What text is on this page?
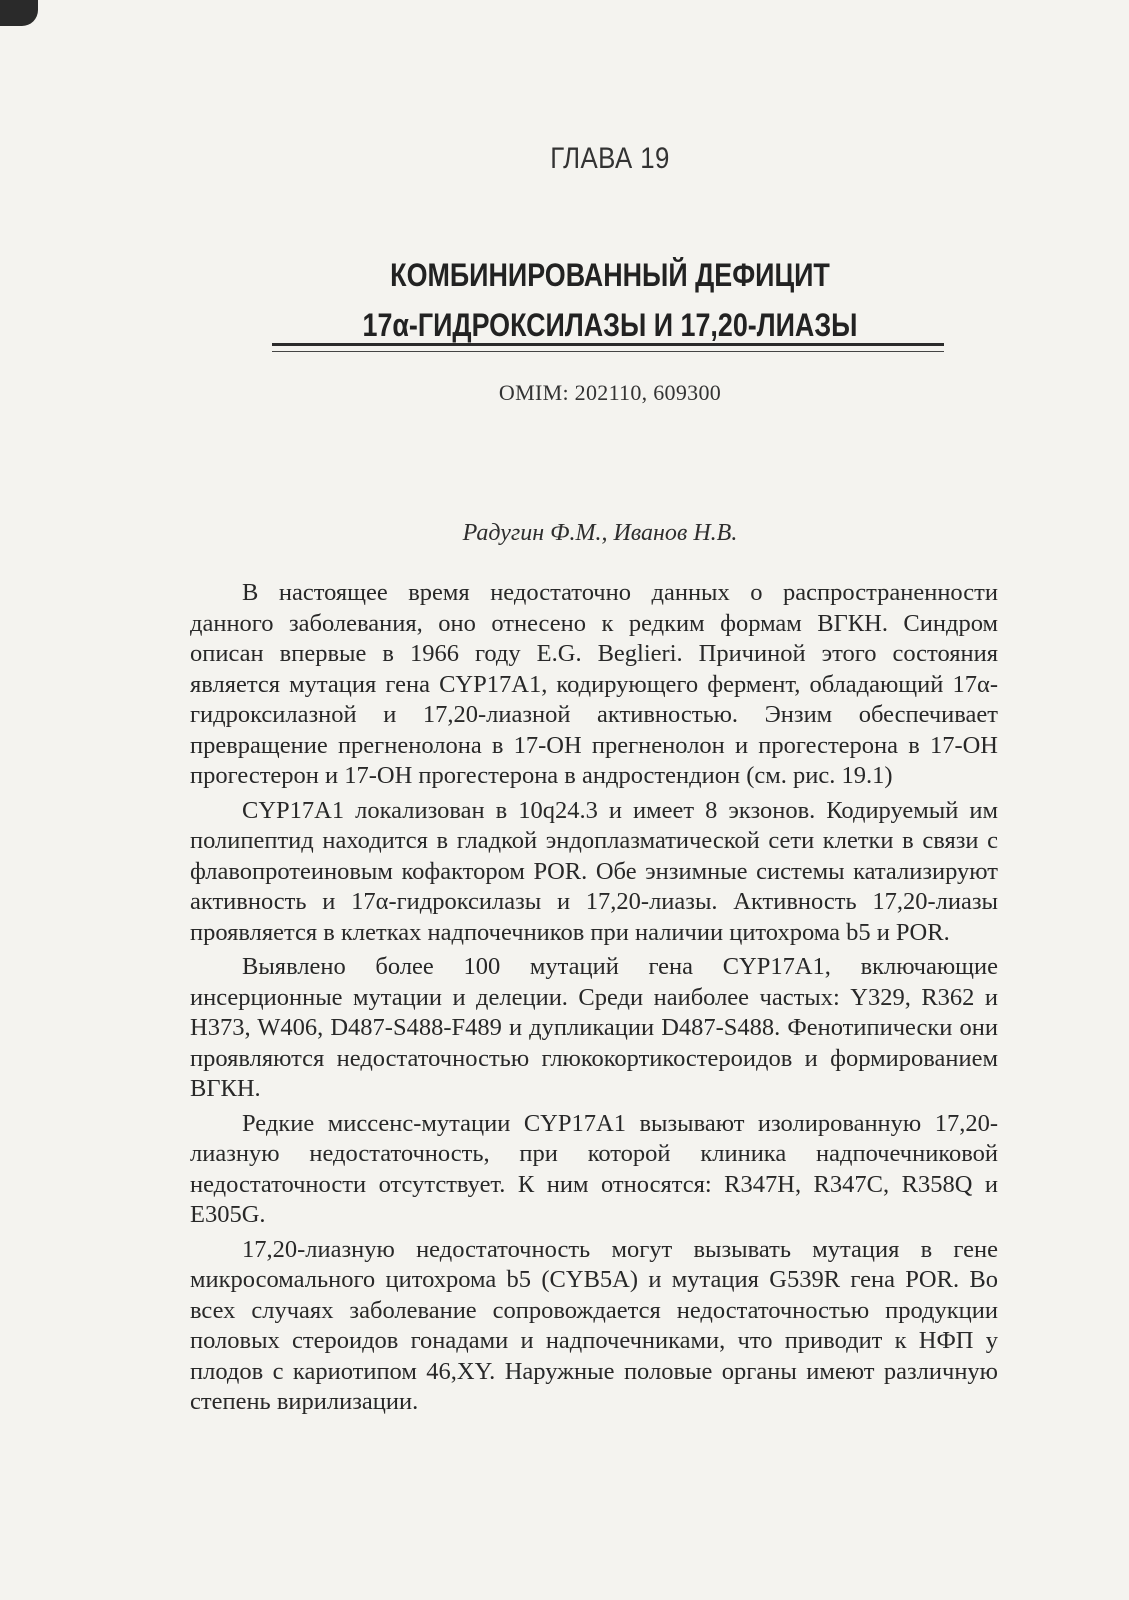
ГЛАВА 19
КОМБИНИРОВАННЫЙ ДЕФИЦИТ
17α-ГИДРОКСИЛАЗЫ И 17,20-ЛИАЗЫ
OMIM: 202110, 609300
Радугин Ф.М., Иванов Н.В.

В настоящее время недостаточно данных о распространенности данного заболевания, оно отнесено к редким формам ВГКН. Синдром описан впервые в 1966 году E.G. Beglieri. Причиной этого состояния является мутация гена CYP17A1, кодирующего фермент, обладающий 17α-гидроксилазной и 17,20-лиазной активностью. Энзим обеспечивает превращение прегненолона в 17-ОН прегненолон и прогестерона в 17-ОН прогестерон и 17-ОН прогестерона в андростендион (см. рис. 19.1)

CYP17A1 локализован в 10q24.3 и имеет 8 экзонов. Кодируемый им полипептид находится в гладкой эндоплазматической сети клетки в связи с флавопротеиновым кофактором POR. Обе энзимные системы катализируют активность и 17α-гидроксилазы и 17,20-лиазы. Активность 17,20-лиазы проявляется в клетках надпочечников при наличии цитохрома b5 и POR.

Выявлено более 100 мутаций гена CYP17A1, включающие инсерционные мутации и делеции. Среди наиболее частых: Y329, R362 и H373, W406, D487-S488-F489 и дупликации D487-S488. Фенотипически они проявляются недостаточностью глюкокортикостероидов и формированием ВГКН.

Редкие миссенс-мутации CYP17A1 вызывают изолированную 17,20-лиазную недостаточность, при которой клиника надпочечниковой недостаточности отсутствует. К ним относятся: R347H, R347C, R358Q и E305G.

17,20-лиазную недостаточность могут вызывать мутация в гене микросомального цитохрома b5 (CYB5A) и мутация G539R гена POR. Во всех случаях заболевание сопровождается недостаточностью продукции половых стероидов гонадами и надпочечниками, что приводит к НФП у плодов с кариотипом 46,XY. Наружные половые органы имеют различную степень вирилизации.
